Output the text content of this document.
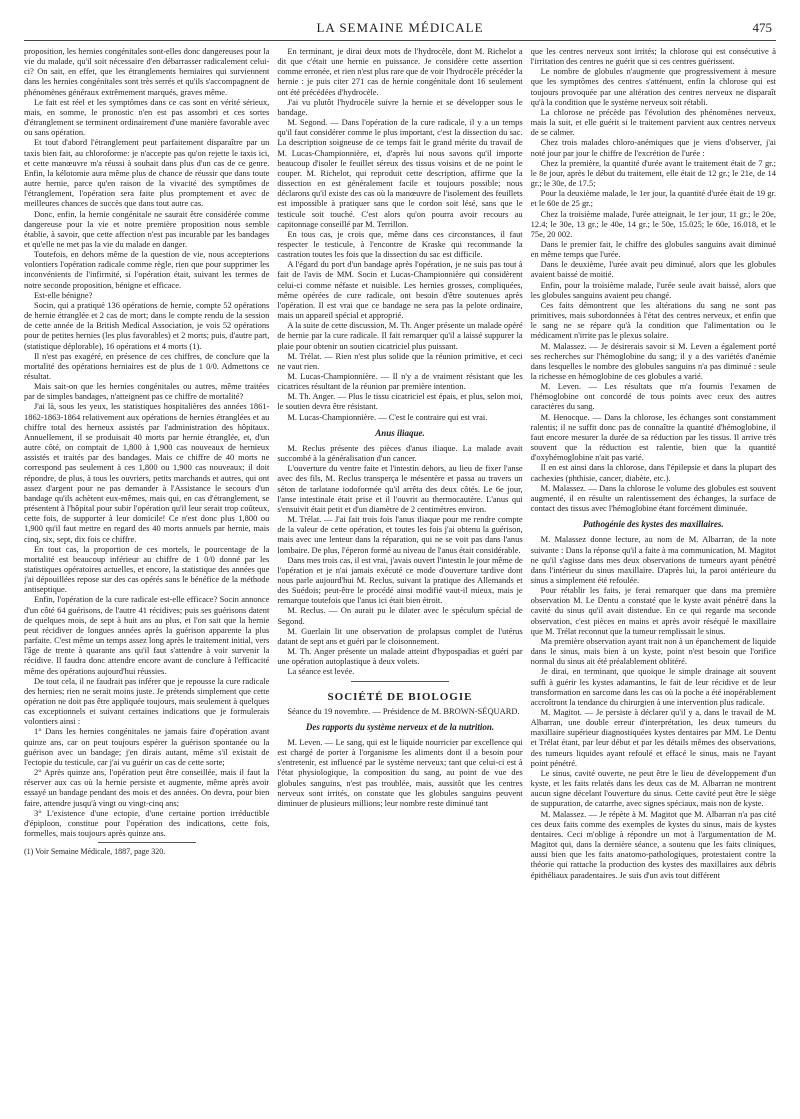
LA SEMAINE MÉDICALE	475

proposition, les hernies congénitales sont-elles donc dangereuses pour la vie du malade, qu'il soit nécessaire d'en débarrasser radicalement celui-ci? On sait, en effet, que les étranglements herniaires qui surviennent dans les hernies congénitales sont très serrés et qu'ils s'accompagnent de phénomènes généraux extrêmement marqués, graves même.

Le fait est réel et les symptômes dans ce cas sont en vérité sérieux, mais, en somme, le pronostic n'en est pas assombri et ces sortes d'étranglement se terminent ordinairement d'une manière favorable avec ou sans opération.

Et tout d'abord l'étranglement peut parfaitement disparaître par un taxis bien fait, au chloroforme: je n'accepte pas qu'on rejette le taxis ici, et cette manœuvre m'a réussi à souhait dans plus d'un cas de ce genre. Enfin, la kélotomie aura même plus de chance de réussir que dans toute autre hernie, parce qu'en raison de la vivacité des symptômes de l'étranglement, l'opération sera faite plus promptement et avec de meilleures chances de succès que dans tout autre cas.

Donc, enfin, la hernie congénitale ne saurait être considérée comme dangereuse pour la vie et notre première proposition nous semble établie, à savoir, que cette affection n'est pas incurable par les bandages et qu'elle ne met pas la vie du malade en danger.

Toutefois, en dehors même de la question de vie, nous accepterions volontiers l'opération radicale comme règle, rien que pour supprimer les inconvénients de l'infirmité, si l'opération était, suivant les termes de notre seconde proposition, bénigne et efficace.

Est-elle bénigne?

Socin, qui a pratiqué 136 opérations de hernie, compte 52 opérations de hernie étranglée et 2 cas de mort; dans le compte rendu de la session de cette année de la British Medical Association, je vois 52 opérations pour de petites hernies (les plus favorables) et 2 morts; puis, d'autre part, (statistique déplorable), 16 opérations et 4 morts (1).

Il n'est pas exagéré, en présence de ces chiffres, de conclure que la mortalité des opérations herniaires est de plus de 1 0/0. Admettons ce résultat.

Mais sait-on que les hernies congénitales ou autres, même traitées par de simples bandages, n'atteignent pas ce chiffre de mortalité?

J'ai là, sous les yeux, les statistiques hospitalières des années 1861-1862-1863-1864 relativement aux opérations de hernies étranglées et au chiffre total des herneux assistés par l'administration des hôpitaux. Annuellement, il se produisait 40 morts par hernie étranglée, et, d'un autre côté, on comptait de 1,800 à 1,900 cas nouveaux de hernieux assistés et traités par des bandages. Mais ce chiffre de 40 morts ne correspond pas seulement à ces 1,800 ou 1,900 cas nouveaux; il doit répondre, de plus, à tous les ouvriers, petits marchands et autres, qui ont assez d'argent pour ne pas demander à l'Assistance le secours d'un bandage qu'ils achètent eux-mêmes, mais qui, en cas d'étranglement, se présentent à l'hôpital pour subir l'opération qu'il leur serait trop coûteux, cette fois, de supporter à leur domicile! Ce n'est donc plus 1,800 ou 1,900 qu'il faut mettre en regard des 40 morts annuels par hernie, mais cinq, six, sept, dix fois ce chiffre.

En tout cas, la proportion de ces mortels, le pourcentage de la mortalité est beaucoup inférieur au chiffre de 1 0/0 donné par les statistiques opératoires actuelles, et encore, la statistique des années que j'ai dépouillées repose sur des cas opérés sans le bénéfice de la méthode antiseptique.

Enfin, l'opération de la cure radicale est-elle efficace? Socin annonce d'un côté 64 guérisons, de l'autre 41 récidives; puis ses guérisons datent de quelques mois, de sept à huit ans au plus, et l'on sait que la hernie peut récidiver de longues années après la guérison apparente la plus parfaite. C'est même un temps assez long après le traitement initial, vers l'âge de trente à quarante ans qu'il faut s'attendre à voir survenir la récidive. Il faudra donc attendre encore avant de conclure à l'efficacité même des opérations aujourd'hui réussies.

De tout cela, il ne faudrait pas inférer que je repousse la cure radicale des hernies; rien ne serait moins juste. Je prétends simplement que cette opération ne doit pas être appliquée toujours, mais seulement à quelques cas exceptionnels et suivant certaines indications que je formulerais volontiers ainsi :

1° Dans les hernies congénitales ne jamais faire d'opération avant quinze ans, car on peut toujours espérer la guérison spontanée ou la guérison avec un bandage; j'en dirais autant, même s'il existait de l'ectopie du testicule, car j'ai vu guérir un cas de cette sorte;

2° Après quinze ans, l'opération peut être conseillée, mais il faut la réserver aux cas où la hernie persiste et augmente, même après avoir essayé un bandage pendant des mois et des années. On devra, pour bien faire, attendre jusqu'à vingt ou vingt-cinq ans;

3° L'existence d'une ectopie, d'une certaine portion irréductible d'épiploon, constitue pour l'opération des indications, cette fois, formelles, mais toujours après quinze ans.

(1) Voir Semaine Médicale, 1887, page 320.

En terminant, je dirai deux mots de l'hydrocèle, dont M. Richelot a dit que c'était une hernie en puissance. Je considère cette assertion comme erronée, et rien n'est plus rare que de voir l'hydrocèle précéder la hernie : je puis citer 271 cas de hernie congénitale dont 16 seulement ont été précédées d'hydrocèle.

J'ai vu plutôt l'hydrocèle suivre la hernie et se développer sous le bandage.

M. Segond. — Dans l'opération de la cure radicale, il y a un temps qu'il faut considérer comme le plus important, c'est la dissection du sac. La description soigneuse de ce temps fait le grand mérite du travail de M. Lucas-Championnière, et, d'après lui nous savons qu'il importe beaucoup d'isoler le feuillet séreux des tissus voisins et de ne point le couper. M. Richelot, qui reproduit cette description, affirme que la dissection en est généralement facile et toujours possible; nous déclarons qu'il existe des cas où la manœuvre de l'isolement des feuillets est impossible à pratiquer sans que le cordon soit lésé, sans que le testicule soit touché. C'est alors qu'on pourra avoir recours au capitonnage conseillé par M. Terrillon.

En tous cas, je crois que, même dans ces circonstances, il faut respecter le testicule, à l'encontre de Kraske qui recommande la castration toutes les fois que la dissection du sac est difficile.

A l'égard du port d'un bandage après l'opération, je ne suis pas tout à fait de l'avis de MM. Socin et Lucas-Championnière qui considèrent celui-ci comme néfaste et nuisible. Les hernies grosses, compliquées, même opérées de cure radicale, ont besoin d'être soutenues après l'opération. Il est vrai que ce bandage ne sera pas la pelote ordinaire, mais un appareil spécial et approprié.

A la suite de cette discussion, M. Th. Anger présente un malade opéré de hernie par la cure radicale. Il fait remarquer qu'il a laissé suppurer la plaie pour obtenir un soutien cicatriciel plus puissant.

M. Trélat. — Rien n'est plus solide que la réunion primitive, et ceci ne vaut rien.

M. Lucas-Championnière. — Il n'y a de vraiment résistant que les cicatrices résultant de la réunion par première intention.

M. Th. Anger. — Plus le tissu cicatriciel est épais, et plus, selon moi, le soutien devra être résistant.

M. Lucas-Championnière. — C'est le contraire qui est vrai.

Anus iliaque.

M. Reclus présente des pièces d'anus iliaque. La malade avait succombé à la généralisation d'un cancer.

L'ouverture du ventre faite et l'intestin dehors, au lieu de fixer l'anse avec des fils, M. Reclus transperça le mésentère et passa au travers un séton de tarlatane iodoformée qu'il arrêta des deux côtés. Le 6e jour, l'anse intestinale était prise et il l'ouvrit au thermocautère. L'anus qui s'ensuivit était petit et d'un diamètre de 2 centimètres environ.

M. Trélat. — J'ai fait trois fois l'anus iliaque pour me rendre compte de la valeur de cette opération, et toutes les fois j'ai obtenu la guérison, mais avec une lenteur dans la réparation, qui ne se voit pas dans l'anus lombaire. De plus, l'éperon formé au niveau de l'anus était considérable.

Dans mes trois cas, il est vrai, j'avais ouvert l'intestin le jour même de l'opération et je n'ai jamais exécuté ce mode d'ouverture tardive dont nous parle aujourd'hui M. Reclus, suivant la pratique des Allemands et des Suédois; peut-être le procédé ainsi modifié vaut-il mieux, mais je remarque toutefois que l'anus ici était bien étroit.

M. Reclus. — On aurait pu le dilater avec le spéculum spécial de Segond.

M. Guerlain lit une observation de prolapsus complet de l'utérus datant de sept ans et guéri par le cloisonnement.

M. Th. Anger présente un malade atteint d'hypospadias et guéri par une opération autoplastique à deux volets.

La séance est levée.

SOCIÉTÉ DE BIOLOGIE

Séance du 19 novembre. — Présidence de M. BROWN-SÉQUARD.

Des rapports du système nerveux et de la nutrition.

M. Leven. — Le sang, qui est le liquide nourricier par excellence qui est chargé de porter à l'organisme les aliments dont il a besoin pour s'entretenir, est influencé par le système nerveux; tant que celui-ci est à l'état physiologique, la composition du sang, au point de vue des globules sanguins, n'est pas troublée, mais, aussitôt que les centres nerveux sont irrités, on constate que les globules sanguins peuvent diminuer de plusieurs millions; leur nombre reste diminué tant

que les centres nerveux sont irrités; la chlorose qui est consécutive à l'irritation des centres ne guérit que si ces centres guérissent.

Le nombre de globules n'augmente que progressivement à mesure que les symptômes des centres s'atténuent, enfin la chlorose qui est toujours provoquée par une altération des centres nerveux ne disparaît qu'à la condition que le système nerveux soit rétabli.

La chlorose ne précède pas l'évolution des phénomènes nerveux, mais la suit, et elle guérit si le traitement parvient aux centres nerveux de se calmer.

Chez trois malades chloro-anémiques que je viens d'observer, j'ai noté jour par jour le chiffre de l'excrétion de l'urée :

Chez la première, la quantité d'urée avant le traitement était de 7 gr.; le 8e jour, après le début du traitement, elle était de 12 gr.; le 21e, de 14 gr.; le 30e, de 17.5;

Pour la deuxième malade, le 1er jour, la quantité d'urée était de 19 gr. et le 60e de 25 gr.;

Chez la troisième malade, l'urée atteignait, le 1er jour, 11 gr.; le 20e, 12.4; le 30e, 13 gr.; le 40e, 14 gr.; le 50e, 15.025; le 60e, 16.018, et le 75e, 20 002.

Dans le premier fait, le chiffre des globules sanguins avait diminué en même temps que l'urée.

Dans le deuxième, l'urée avait peu diminué, alors que les globules avaient baissé de moitié.

Enfin, pour la troisième malade, l'urée seule avait baissé, alors que les globules sanguins avaient peu changé.

Ces faits démontrent que les altérations du sang ne sont pas primitives, mais subordonnées à l'état des centres nerveux, et enfin que le sang ne se répare qu'à la condition que l'alimentation ou le médicament n'irrite pas le plexus solaire.

M. Malassez. — Je désirerais savoir si M. Leven a également porté ses recherches sur l'hémoglobine du sang; il y a des variétés d'anémie dans lesquelles le nombre des globules sanguins n'a pas diminué : seule la richesse en hémoglobine de ces globules a varié.

M. Leven. — Les résultats que m'a fournis l'examen de l'hémoglobine ont concordé de tous points avec ceux des autres caractères du sang.

M. Henocque. — Dans la chlorose, les échanges sont constamment ralentis; il ne suffit donc pas de connaître la quantité d'hémoglobine, il faut encore mesurer la durée de sa réduction par les tissus. Il arrive très souvent que la réduction est ralentie, bien que la quantité d'oxyhémoglobine n'ait pas varié.

Il en est ainsi dans la chlorose, dans l'épilepsie et dans la plupart des cachexies (phthisie, cancer, diabète, etc.).

M. Malassez. — Dans la chlorose le volume des globules est souvent augmenté, il en résulte un ralentissement des échanges, la surface de contact des tissus avec l'hémoglobine étant forcément diminuée.

Pathogénie des kystes des maxillaires.

M. Malassez donne lecture, au nom de M. Albarran, de la note suivante : Dans la réponse qu'il a faite à ma communication, M. Magitot ne qu'il s'agisse dans mes deux observations de tumeurs ayant pénétré dans l'intérieur du sinus maxillaire. D'après lui, la paroi antérieure du sinus a simplement été refoulée.

Pour rétablir les faits, je ferai remarquer que dans ma première observation M. Le Dentu a constaté que le kyste avait pénétré dans la cavité du sinus qu'il avait distendue. En ce qui regarde ma seconde observation, c'est pièces en mains et après avoir réséqué le maxillaire que M. Trélat reconnut que la tumeur remplissait le sinus.

Ma première observation ayant trait non à un épanchement de liquide dans le sinus, mais bien à un kyste, point n'est besoin que l'orifice normal du sinus ait été préalablement oblitéré.

Je dirai, en terminant, que quoique le simple drainage ait souvent suffi à guérir les kystes adamantins, le fait de leur récidive et de leur transformation en sarcome dans les cas où la poche a été inopérablement accroîtront la tendance du chirurgien à une intervention plus radicale.

M. Magitot. — Je persiste à déclarer qu'il y a, dans le travail de M. Albarran, une double erreur d'interprétation, les deux tumeurs du maxillaire supérieur diagnostiquées kystes dentaires par MM. Le Dentu et Trélat étant, par leur début et par les détails mêmes des observations, des tumeurs liquides ayant refoulé et effacé le sinus, mais ne l'ayant point pénétré.

Le sinus, cavité ouverte, ne peut être le lieu de développement d'un kyste, et les faits relatés dans les deux cas de M. Albarran ne montrent aucun signe décelant l'ouverture du sinus. Cette cavité peut être le siège de suppuration, de catarrhe, avec signes spéciaux, mais non de kyste.

M. Malassez. — Je répète à M. Magitot que M. Albarran n'a pas cité ces deux faits comme des exemples de kystes du sinus, mais de kystes dentaires. Ceci m'oblige à répondre un mot à l'argumentation de M. Magitot qui, dans la dernière séance, a soutenu que les faits cliniques, aussi bien que les faits anatomo-pathologiques, protestaient contre la théorie qui rattache la production des kystes des maxillaires aux débris épithéliaux paradentaires. Je suis d'un avis tout différent
